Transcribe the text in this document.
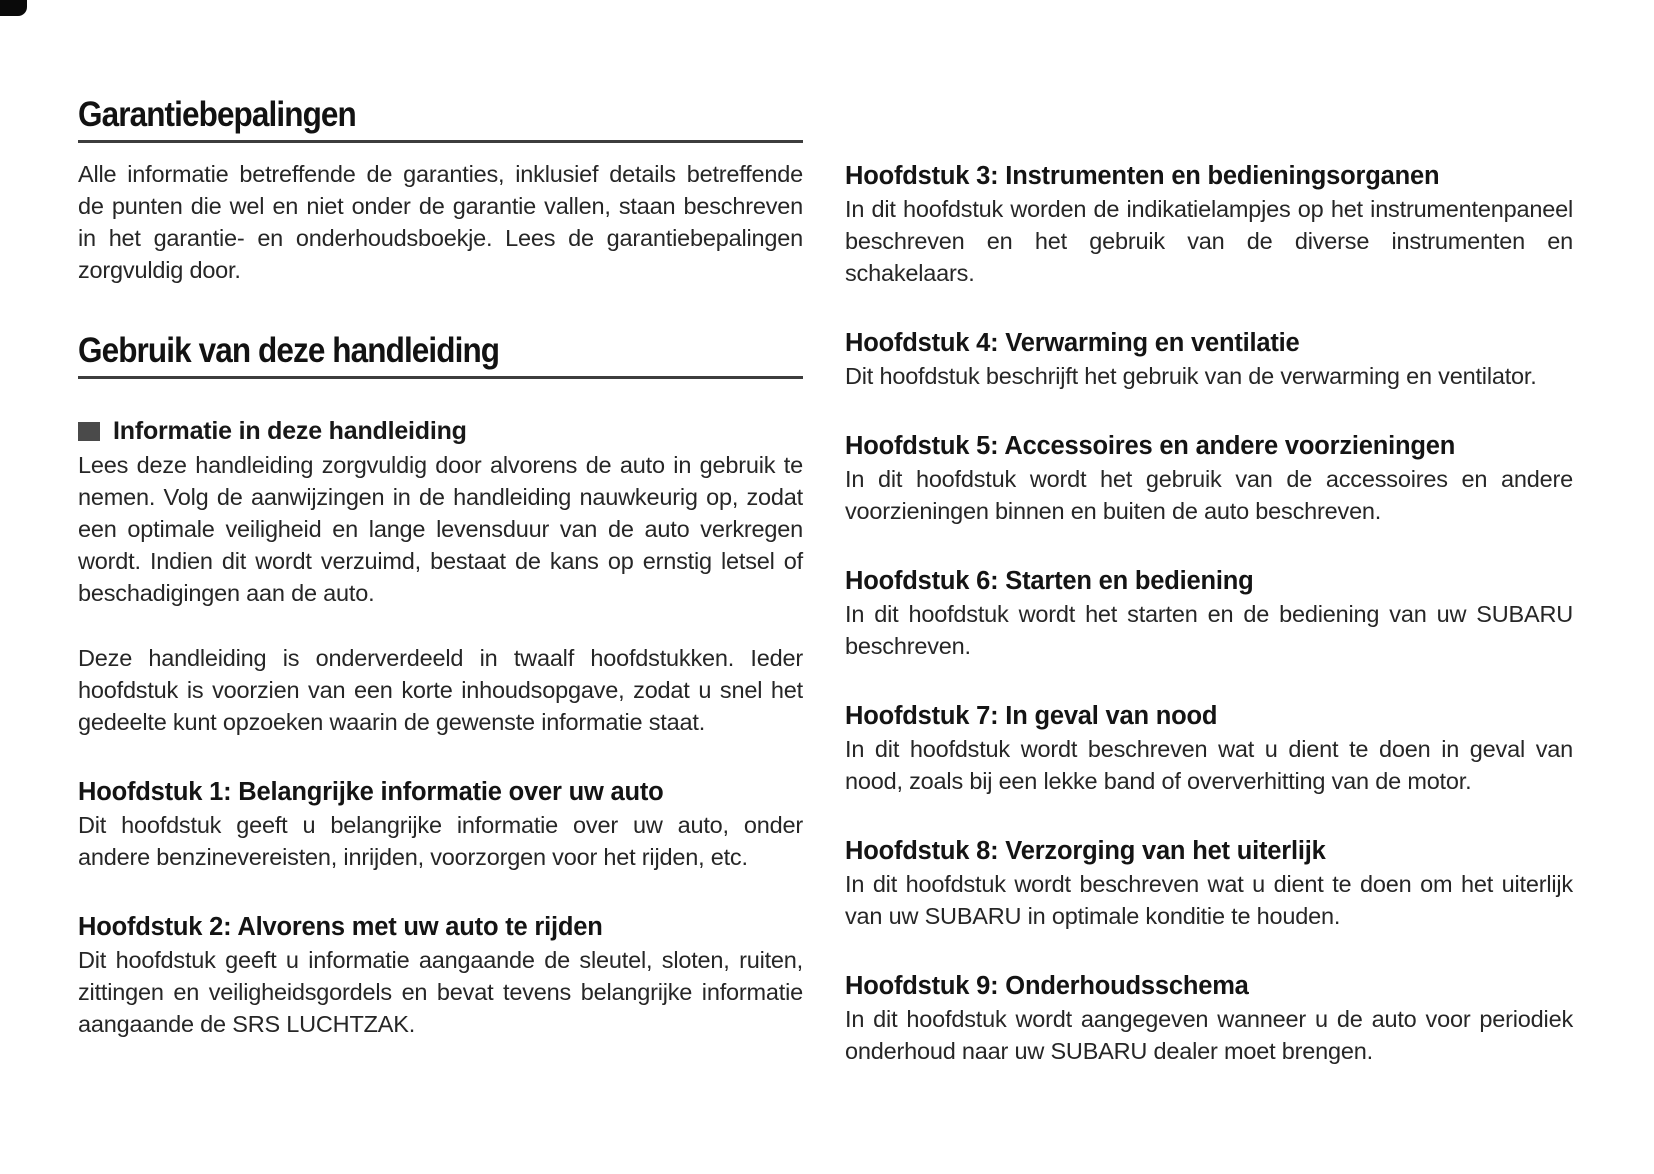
Garantiebepalingen

Alle informatie betreffende de garanties, inklusief details betreffende de punten die wel en niet onder de garantie vallen, staan beschreven in het garantie- en onderhoudsboekje. Lees de garantiebepalingen zorgvuldig door.

Gebruik van deze handleiding
Informatie in deze handleiding

Lees deze handleiding zorgvuldig door alvorens de auto in gebruik te nemen. Volg de aanwijzingen in de handleiding nauwkeurig op, zodat een optimale veiligheid en lange levensduur van de auto verkregen wordt. Indien dit wordt verzuimd, bestaat de kans op ernstig letsel of beschadigingen aan de auto.

Deze handleiding is onderverdeeld in twaalf hoofdstukken. Ieder hoofdstuk is voorzien van een korte inhoudsopgave, zodat u snel het gedeelte kunt opzoeken waarin de gewenste informatie staat.

Hoofdstuk 1: Belangrijke informatie over uw auto

Dit hoofdstuk geeft u belangrijke informatie over uw auto, onder andere benzinevereisten, inrijden, voorzorgen voor het rijden, etc.

Hoofdstuk 2: Alvorens met uw auto te rijden

Dit hoofdstuk geeft u informatie aangaande de sleutel, sloten, ruiten, zittingen en veiligheidsgordels en bevat tevens belangrijke informatie aangaande de SRS LUCHTZAK.

Hoofdstuk 3: Instrumenten en bedieningsorganen

In dit hoofdstuk worden de indikatielampjes op het instrumentenpaneel beschreven en het gebruik van de diverse instrumenten en schakelaars.

Hoofdstuk 4: Verwarming en ventilatie

Dit hoofdstuk beschrijft het gebruik van de verwarming en ventilator.

Hoofdstuk 5: Accessoires en andere voorzieningen

In dit hoofdstuk wordt het gebruik van de accessoires en andere voorzieningen binnen en buiten de auto beschreven.

Hoofdstuk 6: Starten en bediening

In dit hoofdstuk wordt het starten en de bediening van uw SUBARU beschreven.

Hoofdstuk 7: In geval van nood

In dit hoofdstuk wordt beschreven wat u dient te doen in geval van nood, zoals bij een lekke band of oververhitting van de motor.

Hoofdstuk 8: Verzorging van het uiterlijk

In dit hoofdstuk wordt beschreven wat u dient te doen om het uiterlijk van uw SUBARU in optimale konditie te houden.

Hoofdstuk 9: Onderhoudsschema

In dit hoofdstuk wordt aangegeven wanneer u de auto voor periodiek onderhoud naar uw SUBARU dealer moet brengen.
